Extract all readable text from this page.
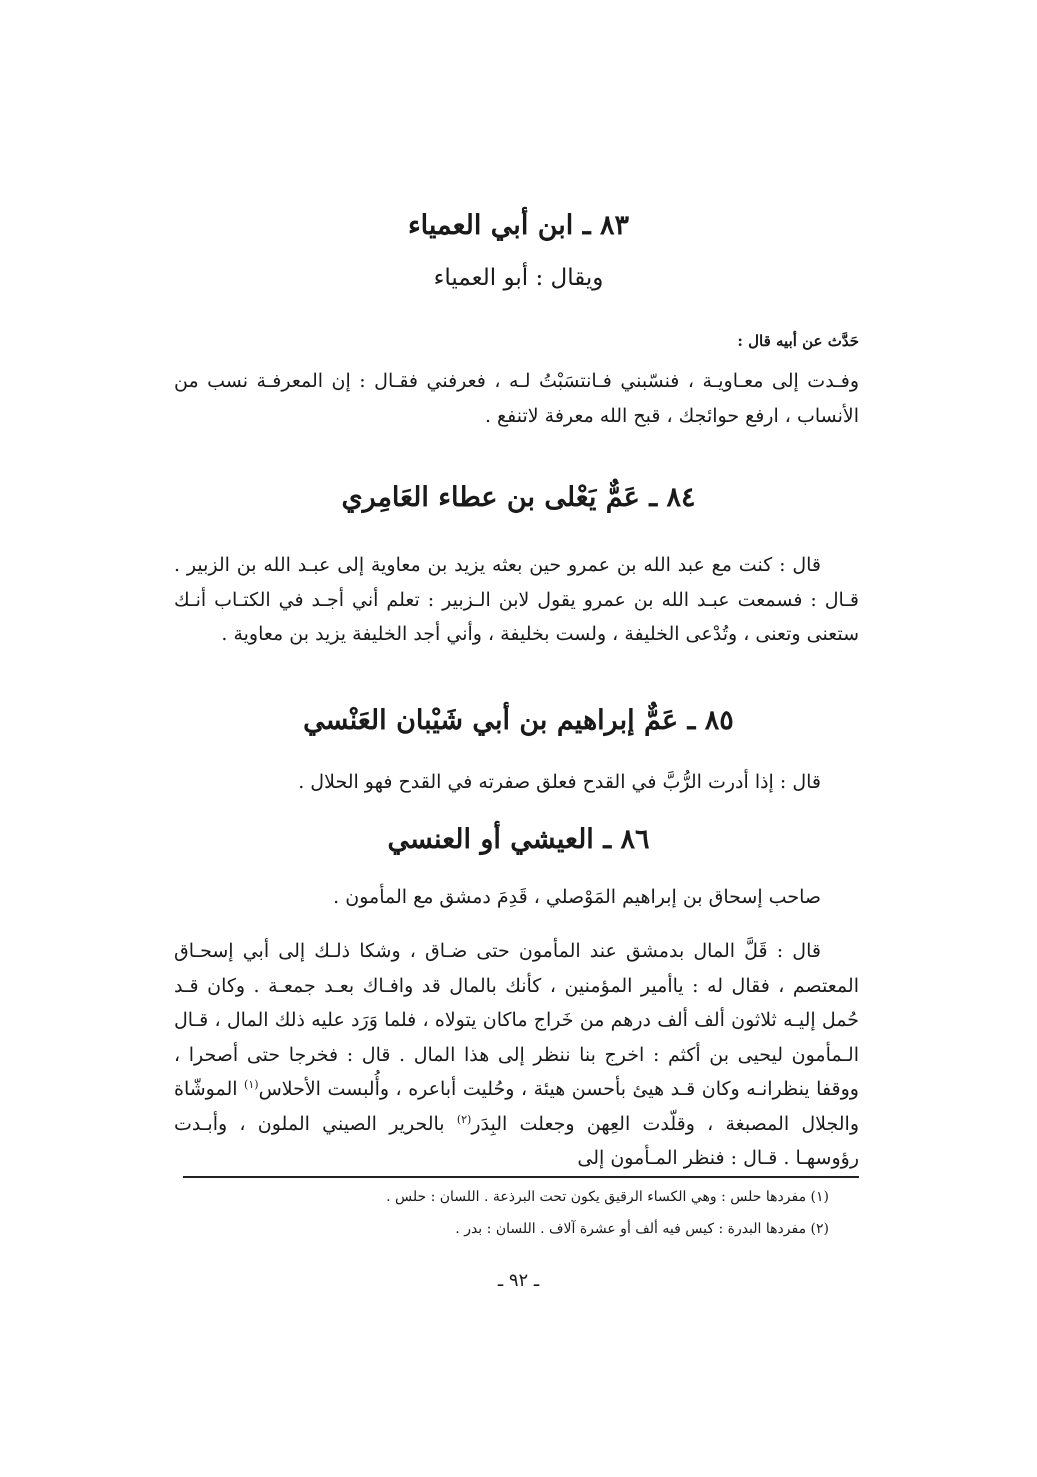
٨٣ ـ ابن أبي العمياء
ويقال : أبو العمياء
حَدَّث عن أبيه قال :
وفـدت إلى معـاويـة ، فنسّبني فـانتسَبْتُ لـه ، فعرفني فقـال : إن المعرفـة نسب من الأنساب ، ارفع حوائجك ، قبح الله معرفة لاتنفع .
٨٤ ـ عَمٌّ يَعْلى بن عطاء العَامِري
قال : كنت مع عبد الله بن عمرو حين بعثه يزيد بن معاوية إلى عبـد الله بن الزبير . قـال : فسمعت عبـد الله بن عمرو يقول لابن الـزبير : تعلم أني أجـد في الكتـاب أنـك ستعنى وتعنى ، وتُدْعى الخليفة ، ولست بخليفة ، وأني أجد الخليفة يزيد بن معاوية .
٨٥ ـ عَمٌّ إبراهيم بن أبي شَيْبان العَنْسي
قال : إذا أدرت الرُّبَّ في القدح فعلق صفرته في القدح فهو الحلال .
٨٦ ـ العيشي أو العنسي
صاحب إسحاق بن إبراهيم المَوْصلي ، قَدِمَ دمشق مع المأمون .
قال : قَلَّ المال بدمشق عند المأمون حتى ضـاق ، وشكا ذلـك إلى أبي إسحـاق المعتصم ، فقال له : ياأمير المؤمنين ، كأنك بالمال قد وافـاك بعـد جمعـة . وكان قـد حُمل إليـه ثلاثون ألف ألف درهم من خَراج ماكان يتولاه ، فلما وَرَد عليه ذلك المال ، قـال الـمأمون ليحيى بن أكثم : اخرج بنا ننظر إلى هذا المال . قال : فخرجا حتى أصحرا ، ووقفا ينظرانـه وكان قـد هيئ بأحسن هيئة ، وحُليت أباعره ، وأُلبست الأحلاس$^{(١)}$ الموشّاة والجلال المصبغة ، وقلّدت العِهن وجعلت البِدَر$^{(٢)}$ بالحرير الصيني الملون ، وأبـدت رؤوسهـا . قـال : فنظر المـأمون إلى
(١) مفردها حلس : وهي الكساء الرقيق يكون تحت البرذعة . اللسان : حلس .
(٢) مفردها البدرة : كيس فيه ألف أو عشرة آلاف . اللسان : بدر .
ـ ٩٢ ـ
